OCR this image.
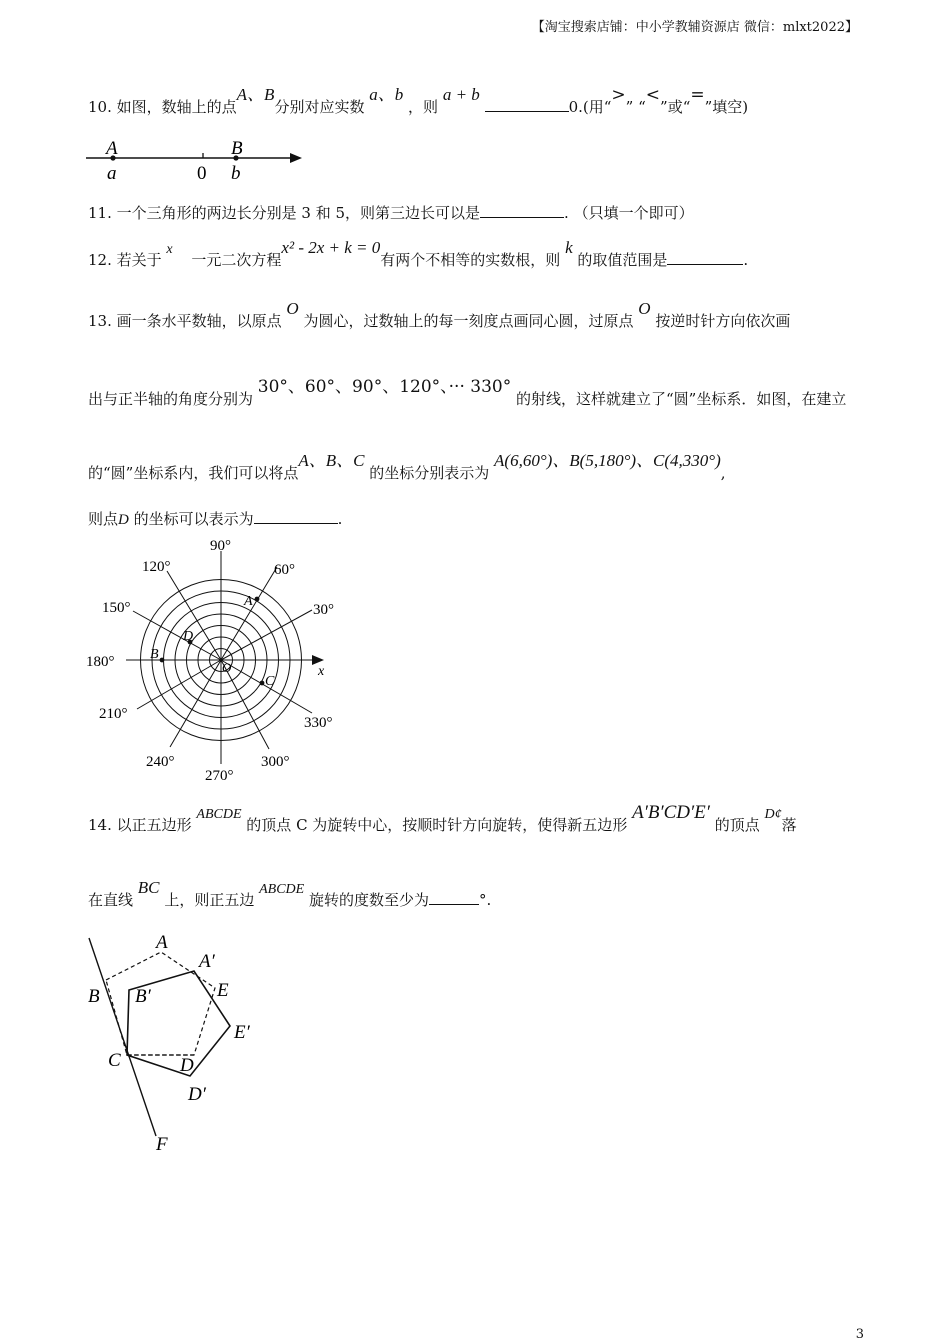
【淘宝搜索店铺：中小学教辅资源店 微信：mlxt2022】
10. 如图，数轴上的点A、B分别对应实数 a、b ，则 a + b 0.(用“>” “<”或“=”填空)
A	B
a	0 b
11. 一个三角形的两边长分别是 3 和 5，则第三边长可以是	. （只填一个即可）
12. 若关于 x 一元二次方程x² - 2x + k = 0有两个不相等的实数根，则 k 的取值范围是	.
13. 画一条水平数轴，以原点 O 为圆心，过数轴上的每一刻度点画同心圆，过原点 O 按逆时针方向依次画
出与正半轴的角度分别为 30°、60°、90°、120°、··· 330° 的射线，这样就建立了“圆”坐标系．如图，在建立
的“圆”坐标系内，我们可以将点A、B、C 的坐标分别表示为 A(6,60°)、B(5,180°)、C(4,330°),
则点D 的坐标可以表示为	.
90°
60°
30°
120°
150°
180°
210°
240°
270°
300°
330°
x
O
A
B
C
D
14. 以正五边形 ABCDE 的顶点 C 为旋转中心，按顺时针方向旋转，使得新五边形 A′B′CD′E′ 的顶点 D¢落
在直线 BC 上，则正五边 ABCDE 旋转的度数至少为	°.
A
A′
B B′	E
E′
C	D
D′
F
3
